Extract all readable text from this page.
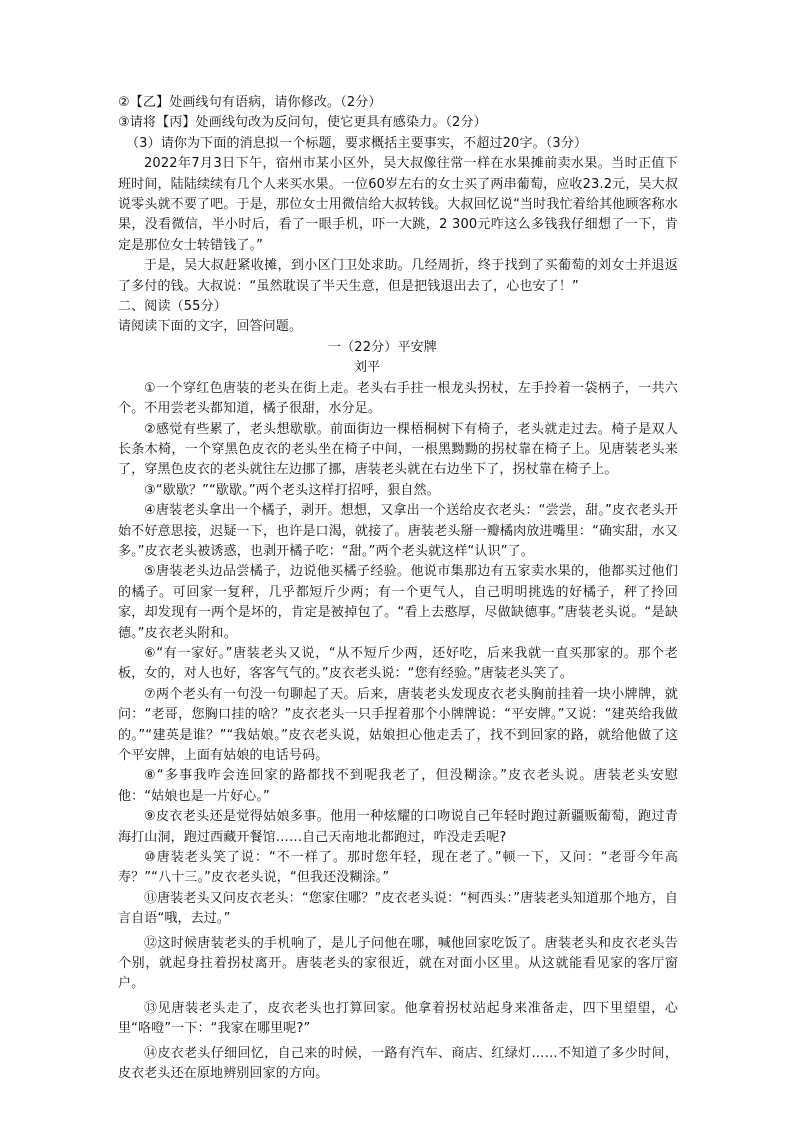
②【乙】处画线句有语病，请你修改。（2分）

③请将【丙】处画线句改为反问句，使它更具有感染力。（2分）

（3）请你为下面的消息拟一个标题，要求概括主要事实，不超过20字。（3分）

2022年7月3日下午，宿州市某小区外，吴大叔像往常一样在水果摊前卖水果。当时正值下班时间，陆陆续续有几个人来买水果。一位60岁左右的女士买了两串葡萄，应收23.2元，吴大叔说零头就不要了吧。于是，那位女士用微信给大叔转钱。大叔回忆说“当时我忙着给其他顾客称水果，没看微信，半小时后，看了一眼手机，吓一大跳，2 300元咋这么多钱我仔细想了一下，肯定是那位女士转错钱了。”

于是，吴大叔赶紧收摊，到小区门卫处求助。几经周折，终于找到了买葡萄的刘女士并退返了多付的钱。大叔说：“虽然耽误了半天生意，但是把钱退出去了，心也安了！”

二、阅读（55分）

请阅读下面的文字，回答问题。

一（22分）平安牌

刘平

①一个穿红色唐装的老头在街上走。老头右手拄一根龙头拐杖，左手拎着一袋柄子，一共六个。不用尝老头都知道，橘子很甜，水分足。

②感觉有些累了，老头想歇歇。前面街边一棵梧桐树下有椅子，老头就走过去。椅子是双人长条木椅，一个穿黑色皮衣的老头坐在椅子中间，一根黑黝黝的拐杖靠在椅子上。见唐装老头来了，穿黑色皮衣的老头就往左边挪了挪，唐装老头就在右边坐下了，拐杖靠在椅子上。

③“歇歇？”“歇歇。”两个老头这样打招呼，狠自然。

④唐装老头拿出一个橘子，剥开。想想，又拿出一个送给皮衣老头：“尝尝，甜。”皮衣老头开始不好意思接，迟疑一下，也许是口渴，就接了。唐装老头掰一瓣橘肉放进嘴里：“确实甜，水又多。”皮衣老头被诱惑，也剥开橘子吃：“甜。”两个老头就这样“认识”了。

⑤唐装老头边品尝橘子，边说他买橘子经验。他说市集那边有五家卖水果的，他都买过他们的橘子。可回家一复秤，几乎都短斤少两；有一个更气人，自己明明挑选的好橘子，秤了拎回家，却发现有一两个是坏的，肯定是被掉包了。“看上去憨厚，尽做缺德事。”唐装老头说。“是缺德。”皮衣老头附和。

⑥“有一家好。”唐装老头又说，“从不短斤少两，还好吃，后来我就一直买那家的。那个老板，女的，对人也好，客客气气的。”皮衣老头说：“您有经验。”唐装老头笑了。

⑦两个老头有一句没一句聊起了天。后来，唐装老头发现皮衣老头胸前挂着一块小牌牌，就问：“老哥，您胸口挂的啥？”皮衣老头一只手捏着那个小牌牌说：“平安牌。”又说：“建英给我做的。”“建英是谁？”“我姑娘。”皮衣老头说，姑娘担心他走丢了，找不到回家的路，就给他做了这个平安牌，上面有姑娘的电话号码。

⑧“多事我咋会连回家的路都找不到呢我老了，但没糊涂。”皮衣老头说。唐装老头安慰他：“姑娘也是一片好心。”

⑨皮衣老头还是觉得姑娘多事。他用一种炫耀的口吻说自己年轻时跑过新疆贩葡萄，跑过青海打山洞，跑过西藏开餐馆……自己天南地北都跑过，咋没走丢呢?

⑩唐装老头笑了说：“不一样了。那时您年轻，现在老了。”顿一下，又问：“老哥今年高寿？”“八十三。”皮衣老头说，“但我还没糊涂。”

⑪唐装老头又问皮衣老头：“您家住哪？”皮衣老头说：“柯西头：”唐装老头知道那个地方，自言自语“哦，去过。”

⑫这时候唐装老头的手机响了，是儿子问他在哪，喊他回家吃饭了。唐装老头和皮衣老头告个别，就起身拄着拐杖离开。唐装老头的家很近，就在对面小区里。从这就能看见家的客厅窗户。

⑬见唐装老头走了，皮衣老头也打算回家。他拿着拐杖站起身来准备走，四下里望望，心里“咯噔”一下：“我家在哪里呢?”

⑭皮衣老头仔细回忆，自己来的时候，一路有汽车、商店、红绿灯……不知道了多少时间，皮衣老头还在原地辨别回家的方向。
